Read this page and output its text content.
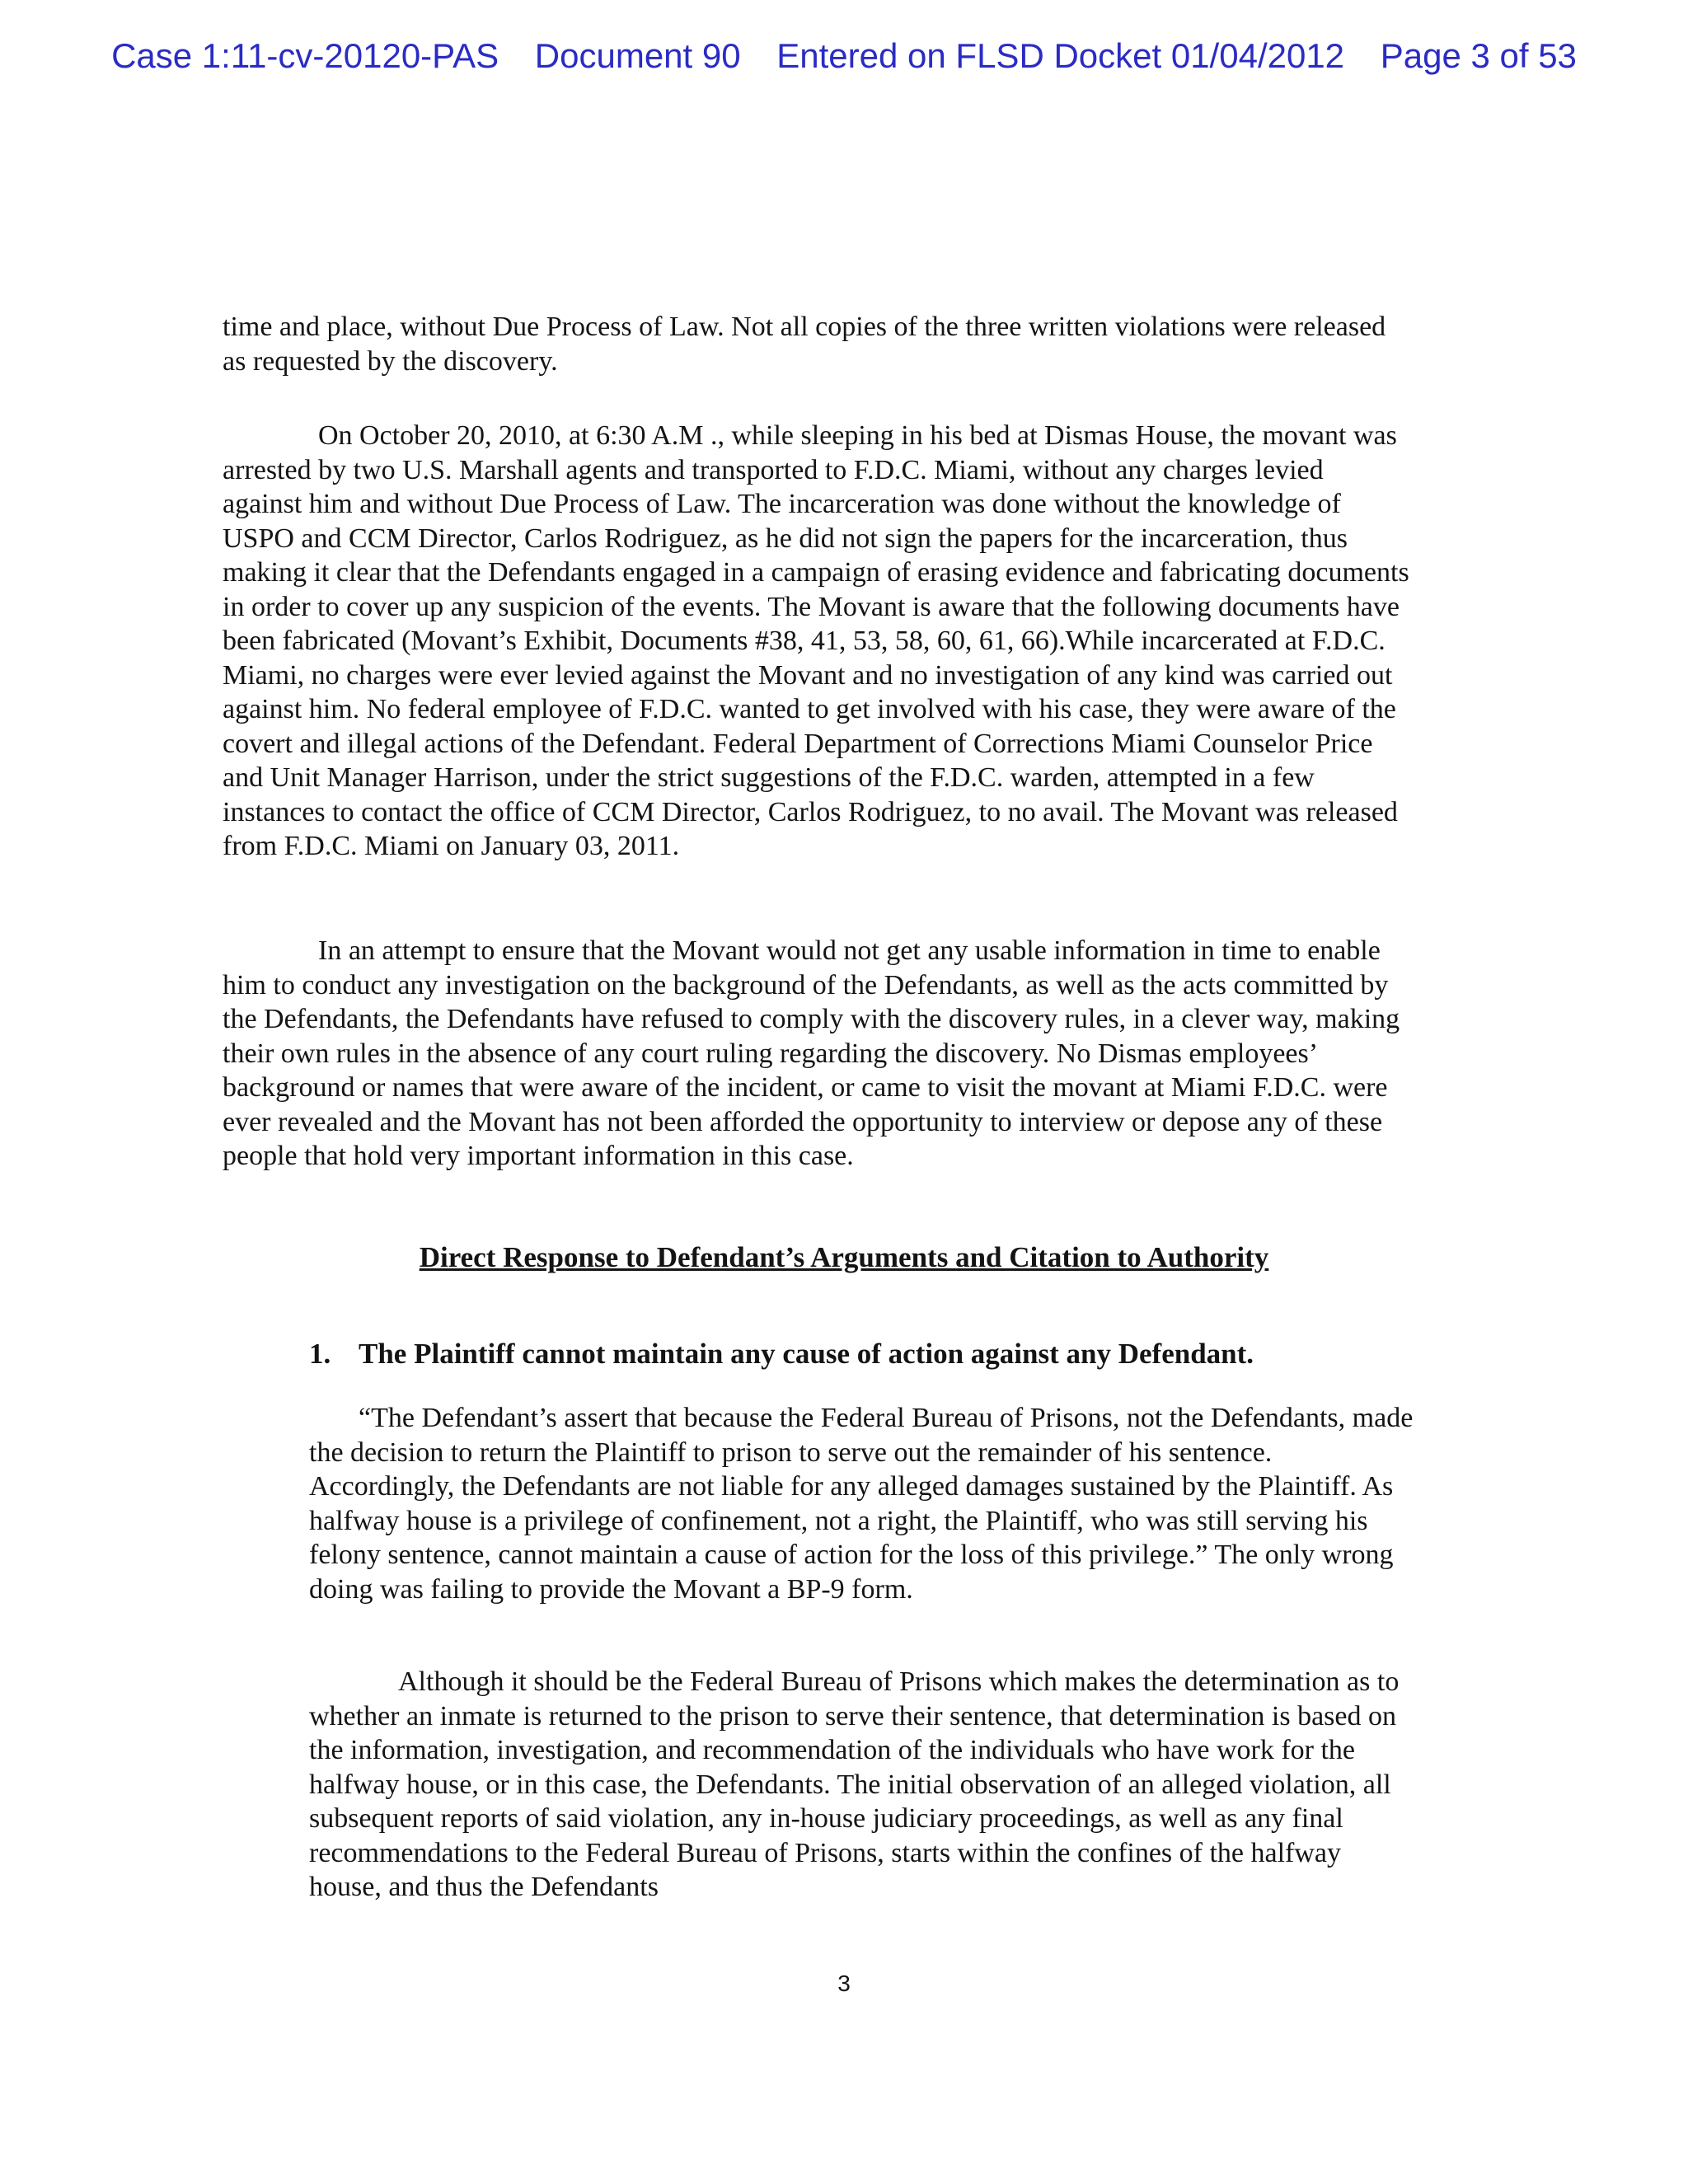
Case 1:11-cv-20120-PAS Document 90 Entered on FLSD Docket 01/04/2012 Page 3 of 53

time and place, without Due Process of Law. Not all copies of the three written violations were released as requested by the discovery.

On October 20, 2010, at 6:30 A.M ., while sleeping in his bed at Dismas House, the movant was arrested by two U.S. Marshall agents and transported to F.D.C. Miami, without any charges levied against him and without Due Process of Law. The incarceration was done without the knowledge of USPO and CCM Director, Carlos Rodriguez, as he did not sign the papers for the incarceration, thus making it clear that the Defendants engaged in a campaign of erasing evidence and fabricating documents in order to cover up any suspicion of the events. The Movant is aware that the following documents have been fabricated (Movant’s Exhibit, Documents #38, 41, 53, 58, 60, 61, 66).While incarcerated at F.D.C. Miami, no charges were ever levied against the Movant and no investigation of any kind was carried out against him. No federal employee of F.D.C. wanted to get involved with his case, they were aware of the covert and illegal actions of the Defendant. Federal Department of Corrections Miami Counselor Price and Unit Manager Harrison, under the strict suggestions of the F.D.C. warden, attempted in a few instances to contact the office of CCM Director, Carlos Rodriguez, to no avail. The Movant was released from F.D.C. Miami on January 03, 2011.

In an attempt to ensure that the Movant would not get any usable information in time to enable him to conduct any investigation on the background of the Defendants, as well as the acts committed by the Defendants, the Defendants have refused to comply with the discovery rules, in a clever way, making their own rules in the absence of any court ruling regarding the discovery. No Dismas employees’ background or names that were aware of the incident, or came to visit the movant at Miami F.D.C. were ever revealed and the Movant has not been afforded the opportunity to interview or depose any of these people that hold very important information in this case.

Direct Response to Defendant’s Arguments and Citation to Authority
1. The Plaintiff cannot maintain any cause of action against any Defendant.

“The Defendant’s assert that because the Federal Bureau of Prisons, not the Defendants, made the decision to return the Plaintiff to prison to serve out the remainder of his sentence. Accordingly, the Defendants are not liable for any alleged damages sustained by the Plaintiff. As halfway house is a privilege of confinement, not a right, the Plaintiff, who was still serving his felony sentence, cannot maintain a cause of action for the loss of this privilege.” The only wrong doing was failing to provide the Movant a BP-9 form.

Although it should be the Federal Bureau of Prisons which makes the determination as to whether an inmate is returned to the prison to serve their sentence, that determination is based on the information, investigation, and recommendation of the individuals who have work for the halfway house, or in this case, the Defendants. The initial observation of an alleged violation, all subsequent reports of said violation, any in-house judiciary proceedings, as well as any final recommendations to the Federal Bureau of Prisons, starts within the confines of the halfway house, and thus the Defendants

3
